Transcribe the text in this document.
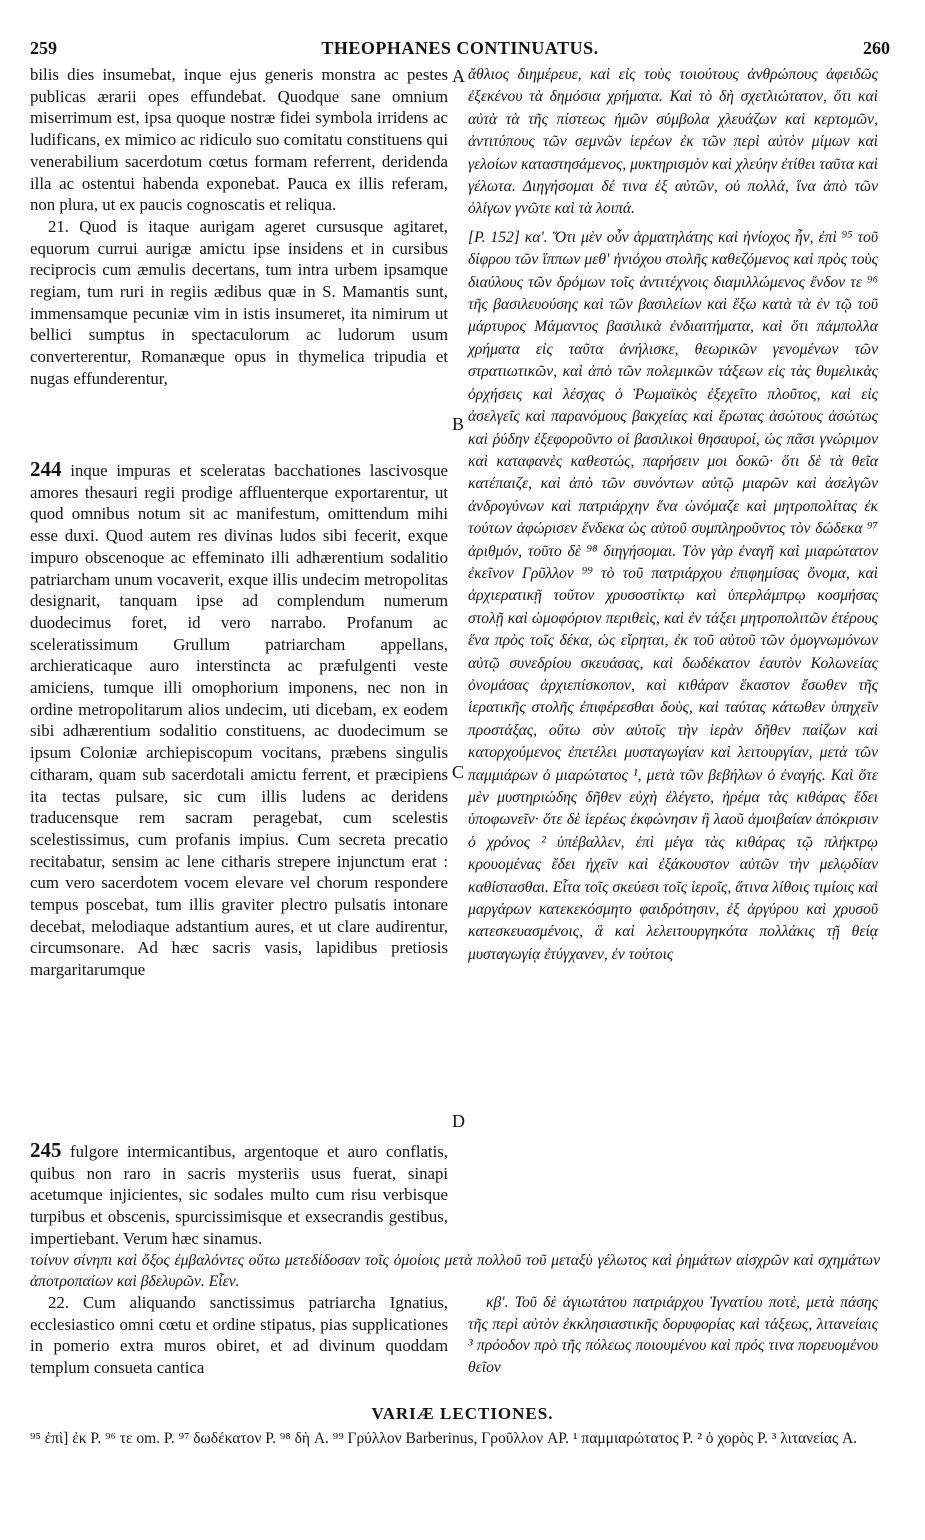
259	THEOPHANES CONTINUATUS.	260

bilis dies insumebat, inque ejus generis monstra ac pestes publicas ærarii opes effundebat. Quodque sane omnium miserrimum est, ipsa quoque nostræ fidei symbola irridens ac ludificans, ex mimico ac ridiculo suo comitatu constituens qui venerabilium sacerdotum cœtus formam referrent, deridenda illa ac ostentui habenda exponebat. Pauca ex illis referam, non plura, ut ex paucis cognoscatis et reliqua.

21. Quod is itaque aurigam ageret cursusque agitaret, equorum currui aurigæ amictu ipse insidens et in cursibus reciprocis cum æmulis decertans, tum intra urbem ipsamque regiam, tum ruri in regiis ædibus quæ in S. Mamantis sunt, immensamque pecuniæ vim in istis insumeret, ita nimirum ut bellici sumptus in spectaculorum ac ludorum usum converterentur, Romanæque opus in thymelica tripudia et nugas effunderentur,

244 inque impuras et sceleratas bacchationes lascivosque amores thesauri regii prodige affluenterque exportarentur, ut quod omnibus notum sit ac manifestum, omittendum mihi esse duxi. Quod autem res divinas ludos sibi fecerit, exque impuro obscenoque ac effeminato illi adhærentium sodalitio patriarcham unum vocaverit, exque illis undecim metropolitas designarit, tanquam ipse ad complendum numerum duodecimus foret, id vero narrabo. Profanum ac sceleratissimum Grullum patriarcham appellans, archieraticaque auro interstincta ac præfulgenti veste amiciens, tumque illi omophorium imponens, nec non in ordine metropolitarum alios undecim, uti dicebam, ex eodem sibi adhærentium sodalitio constituens, ac duodecimum se ipsum Coloniæ archiepiscopum vocitans, præbens singulis citharam, quam sub sacerdotali amictu ferrent, et præcipiens ita tectas pulsare, sic cum illis ludens ac deridens traducensque rem sacram peragebat, cum scelestis scelestissimus, cum profanis impius. Cum secreta precatio recitabatur, sensim ac lene citharis strepere injunctum erat : cum vero sacerdotem vocem elevare vel chorum respondere tempus poscebat, tum illis graviter plectro pulsatis intonare decebat, melodiaque adstantium aures, et ut clare audirentur, circumsonare. Ad hæc sacris vasis, lapidibus pretiosis margaritarumque

245 fulgore intermicantibus, argentoque et auro conflatis, quibus non raro in sacris mysteriis usus fuerat, sinapi acetumque injicientes, sic sodales multo cum risu verbisque turpibus et obscenis, spurcissimisque et exsecrandis gestibus, impertiebant. Verum hæc sinamus.

A
B
C
D

ἄθλιος διημέρευε, καὶ εἰς τοὺς τοιούτους ἀνθρώπους ἀφειδῶς ἐξεκένου τὰ δημόσια χρήματα. Καὶ τὸ δὴ σχετλιώτατον, ὅτι καὶ αὐτὰ τὰ τῆς πίστεως ἡμῶν σύμβολα χλευάζων καὶ κερτομῶν, ἀντιτύπους τῶν σεμνῶν ἱερέων ἐκ τῶν περὶ αὐτὸν μίμων καὶ γελοίων καταστησάμενος, μυκτηρισμὸν καὶ χλεύην ἐτίθει ταῦτα καὶ γέλωτα. Διηγήσομαι δέ τινα ἐξ αὐτῶν, οὐ πολλά, ἵνα ἀπὸ τῶν ὀλίγων γνῶτε καὶ τὰ λοιπά.

[P. 152] κα'. Ὅτι μὲν οὖν ἁρματηλάτης καὶ ἡνίοχος ἦν, ἐπὶ ⁹⁵ τοῦ δίφρου τῶν ἵππων μεθ' ἡνιόχου στολῆς καθεζόμενος καὶ πρὸς τοὺς διαύλους τῶν δρόμων τοῖς ἀντιτέχνοις διαμιλλώμενος ἔνδον τε ⁹⁶ τῆς βασιλευούσης καὶ τῶν βασιλείων καὶ ἔξω κατὰ τὰ ἐν τῷ τοῦ μάρτυρος Μάμαντος βασιλικὰ ἐνδιαιτήματα, καὶ ὅτι πάμπολλα χρήματα εἰς ταῦτα ἀνήλισκε, θεωρικῶν γενομένων τῶν στρατιωτικῶν, καὶ ἀπὸ τῶν πολεμικῶν τάξεων εἰς τὰς θυμελικὰς ὀρχήσεις καὶ λέσχας ὁ Ῥωμαϊκὸς ἐξεχεῖτο πλοῦτος, καὶ εἰς ἀσελγεῖς καὶ παρανόμους βακχείας καὶ ἔρωτας ἀσώτους ἀσώτως καὶ ῥύδην ἐξεφοροῦντο οἱ βασιλικοὶ θησαυροί, ὡς πᾶσι γνώριμον καὶ καταφανὲς καθεστώς, παρήσειν μοι δοκῶ· ὅτι δὲ τὰ θεῖα κατέπαιζε, καὶ ἀπὸ τῶν συνόντων αὐτῷ μιαρῶν καὶ ἀσελγῶν ἀνδρογύνων καὶ πατριάρχην ἕνα ὠνόμαζε καὶ μητροπολίτας ἐκ τούτων ἀφώρισεν ἕνδεκα ὡς αὐτοῦ συμπληροῦντος τὸν δώδεκα ⁹⁷ ἀριθμόν, τοῦτο δὲ ⁹⁸ διηγήσομαι. Τὸν γὰρ ἐναγῆ καὶ μιαρώτατον ἐκεῖνον Γρῦλλον ⁹⁹ τὸ τοῦ πατριάρχου ἐπιφημίσας ὄνομα, καὶ ἀρχιερατικῇ τοῦτον χρυσοστίκτῳ καὶ ὑπερλάμπρῳ κοσμήσας στολῇ καὶ ὠμοφόριον περιθεὶς, καὶ ἐν τάξει μητροπολιτῶν ἑτέρους ἕνα πρὸς τοῖς δέκα, ὡς εἴρηται, ἐκ τοῦ αὐτοῦ τῶν ὁμογνωμόνων αὐτῷ συνεδρίου σκευάσας, καὶ δωδέκατον ἑαυτὸν Κολωνείας ὀνομάσας ἀρχιεπίσκοπον, καὶ κιθάραν ἕκαστον ἔσωθεν τῆς ἱερατικῆς στολῆς ἐπιφέρεσθαι δοὺς, καὶ ταύτας κάτωθεν ὑπηχεῖν προστάξας, οὕτω σὺν αὐτοῖς τὴν ἱερὰν δῆθεν παίζων καὶ κατορχούμενος ἐπετέλει μυσταγωγίαν καὶ λειτουργίαν, μετὰ τῶν παμμιάρων ὁ μιαρώτατος ¹, μετὰ τῶν βεβήλων ὁ ἐναγής. Καὶ ὅτε μὲν μυστηριώδης δῆθεν εὐχὴ ἐλέγετο, ἠρέμα τὰς κιθάρας ἔδει ὑποφωνεῖν· ὅτε δὲ ἱερέως ἐκφώνησιν ἢ λαοῦ ἀμοιβαίαν ἀπόκρισιν ὁ χρόνος ² ὑπέβαλλεν, ἐπὶ μέγα τὰς κιθάρας τῷ πλήκτρῳ κρουομένας ἔδει ἠχεῖν καὶ ἐξάκουστον αὐτῶν τὴν μελῳδίαν καθίστασθαι. Εἶτα τοῖς σκεύεσι τοῖς ἱεροῖς, ἅτινα λίθοις τιμίοις καὶ μαργάρων κατεκεκόσμητο φαιδρότησιν, ἐξ ἀργύρου καὶ χρυσοῦ κατεσκευασμένοις, ἃ καὶ λελειτουργηκότα πολλάκις τῇ θείᾳ μυσταγωγίᾳ ἐτύγχανεν, ἐν τούτοις

τοίνυν σίνηπι καὶ ὄξος ἐμβαλόντες οὕτω μετεδίδοσαν τοῖς ὁμοίοις μετὰ πολλοῦ τοῦ μεταξὺ γέλωτος καὶ ῥημάτων αἰσχρῶν καὶ σχημάτων ἀποτροπαίων καὶ βδελυρῶν. Εἶεν.
22. Cum aliquando sanctissimus patriarcha Ignatius, ecclesiastico omni cœtu et ordine stipatus, pias supplicationes in pomerio extra muros obiret, et ad divinum quoddam templum consueta cantica
κβ'. Τοῦ δὲ ἁγιωτάτου πατριάρχου Ἰγνατίου ποτὲ, μετὰ πάσης τῆς περὶ αὐτὸν ἐκκλησιαστικῆς δορυφορίας καὶ τάξεως, λιτανείαις ³ πρόοδον πρὸ τῆς πόλεως ποιουμένου καὶ πρός τινα πορευομένου θεῖον
VARIÆ LECTIONES.
⁹⁵ ἐπὶ] ἐκ P. ⁹⁶ τε om. P. ⁹⁷ δωδέκατον P. ⁹⁸ δὴ A. ⁹⁹ Γρύλλον Barberinus, Γροῦλλον AP. ¹ παμμιαρώτατος P. ² ὁ χορὸς P. ³ λιτανείας A.
